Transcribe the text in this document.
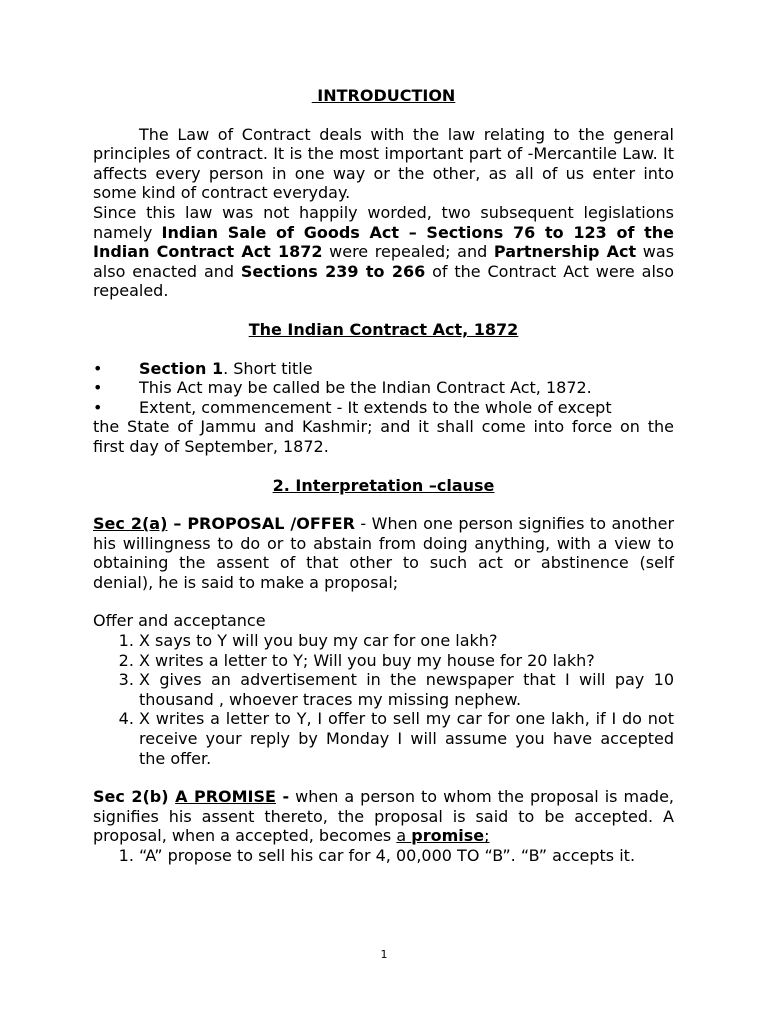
INTRODUCTION
The Law of Contract deals with the law relating to the general principles of contract. It is the most important part of -Mercantile Law. It affects every person in one way or the other, as all of us enter into some kind of contract everyday.
Since this law was not happily worded, two subsequent legislations namely Indian Sale of Goods Act – Sections 76 to 123 of the Indian Contract Act 1872 were repealed; and Partnership Act was also enacted and Sections 239 to 266 of the Contract Act were also repealed.
The Indian Contract Act, 1872
•	Section 1. Short title
•	This Act may be called be the Indian Contract Act, 1872.
•	Extent, commencement - It extends to the whole of except
the State of Jammu and Kashmir; and it shall come into force on the first day of September, 1872.
2. Interpretation –clause
Sec 2(a) – PROPOSAL /OFFER - When one person signifies to another his willingness to do or to abstain from doing anything, with a view to obtaining the assent of that other to such act or abstinence (self denial), he is said to make a proposal;
Offer and acceptance
1. X says to Y will you buy my car for one lakh?
2. X writes a letter to Y; Will you buy my house for 20 lakh?
3. X gives an advertisement in the newspaper that I will pay 10 thousand , whoever traces my missing nephew.
4. X writes a letter to Y, I offer to sell my car for one lakh, if I do not receive your reply by Monday I will assume you have accepted the offer.
Sec 2(b) A PROMISE - when a person to whom the proposal is made, signifies his assent thereto, the proposal is said to be accepted. A proposal, when a accepted, becomes a promise;
1. “A” propose to sell his car for 4, 00,000 TO “B”. “B” accepts it.
1
